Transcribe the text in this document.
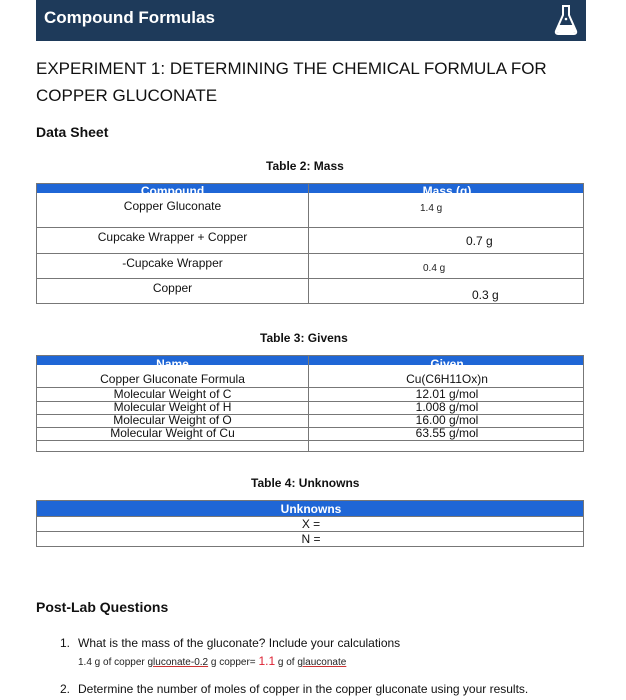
Compound Formulas
EXPERIMENT 1: DETERMINING THE CHEMICAL FORMULA FOR COPPER GLUCONATE
Data Sheet
Table 2: Mass
Compound	Mass (g)
Copper Gluconate	1.4 g
Cupcake Wrapper + Copper	0.7 g
-Cupcake Wrapper	0.4 g
Copper	0.3 g
Table 3: Givens
Name	Given
Copper Gluconate Formula	Cu(C6H11Ox)n
Molecular Weight of C	12.01 g/mol
Molecular Weight of H	1.008 g/mol
Molecular Weight of O	16.00 g/mol
Molecular Weight of Cu	63.55 g/mol
Table 4: Unknowns
Unknowns
X =
N =
Post-Lab Questions
1. What is the mass of the gluconate? Include your calculations
1.4 g of copper gluconate-0.2 g copper= 1.1 g of glauconate
2. Determine the number of moles of copper in the copper gluconate using your results.
